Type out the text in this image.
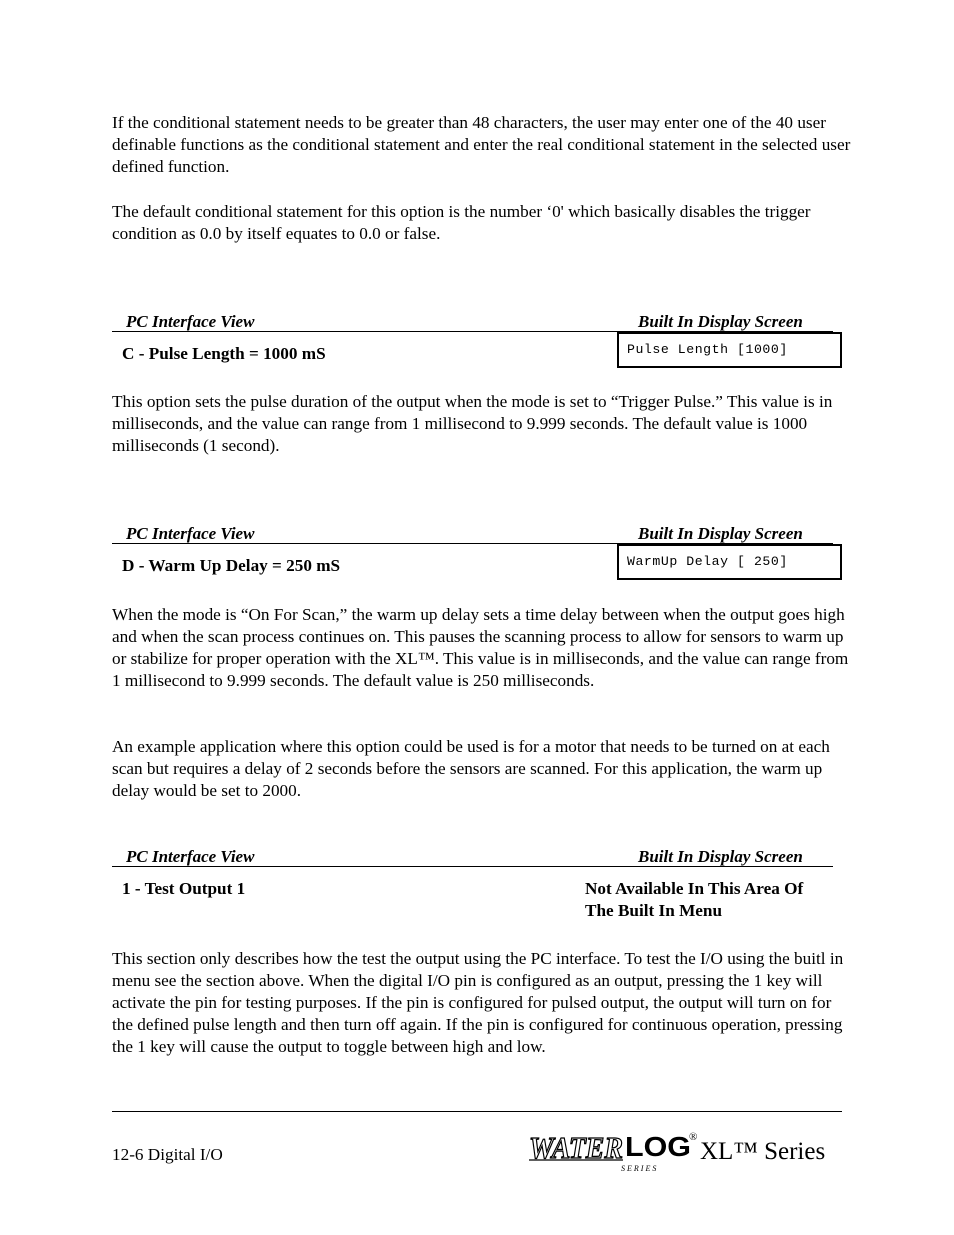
If the conditional statement needs to be greater than 48 characters, the user may enter one of the 40 user definable functions as the conditional statement and enter the real conditional statement in the selected user defined function.

The default conditional statement for this option is the number ‘0' which basically disables the trigger condition as 0.0 by itself equates to 0.0 or false.

PC Interface View	Built In Display Screen
C - Pulse Length = 1000 mS	Pulse Length [1000]

This option sets the pulse duration of the output when the mode is set to “Trigger Pulse.” This value is in milliseconds, and the value can range from 1 millisecond to 9.999 seconds. The default value is 1000 milliseconds (1 second).

PC Interface View	Built In Display Screen
D - Warm Up Delay = 250 mS	WarmUp Delay [ 250]

When the mode is “On For Scan,” the warm up delay sets a time delay between when the output goes high and when the scan process continues on. This pauses the scanning process to allow for sensors to warm up or stabilize for proper operation with the XL™. This value is in milliseconds, and the value can range from 1 millisecond to 9.999 seconds. The default value is 250 milliseconds.

An example application where this option could be used is for a motor that needs to be turned on at each scan but requires a delay of 2 seconds before the sensors are scanned. For this application, the warm up delay would be set to 2000.

PC Interface View	Built In Display Screen
1 - Test Output 1	Not Available In This Area Of
The Built In Menu

This section only describes how the test the output using the PC interface. To test the I/O using the buitl in menu see the section above. When the digital I/O pin is configured as an output, pressing the 1 key will activate the pin for testing purposes. If the pin is configured for pulsed output, the output will turn on for the defined pulse length and then turn off again. If the pin is configured for continuous operation, pressing the 1 key will cause the output to toggle between high and low.

12-6 Digital I/O	WATER LOG
®
S E R I E S
XL™ Series
